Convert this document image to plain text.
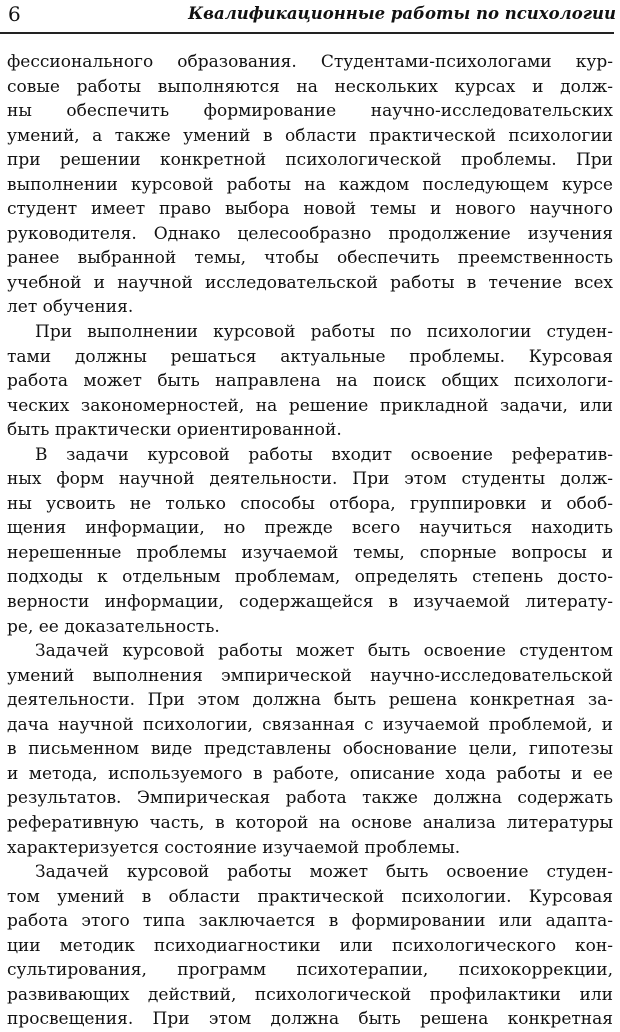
6	Квалификационные работы по психологии
фессионального образования. Студентами-психологами кур-
совые работы выполняются на нескольких курсах и долж-
ны обеспечить формирование научно-исследовательских
умений, а также умений в области практической психологии
при решении конкретной психологической проблемы. При
выполнении курсовой работы на каждом последующем курсе
студент имеет право выбора новой темы и нового научного
руководителя. Однако целесообразно продолжение изучения
ранее выбранной темы, чтобы обеспечить преемственность
учебной и научной исследовательской работы в течение всех
лет обучения.
При выполнении курсовой работы по психологии студен-
тами должны решаться актуальные проблемы. Курсовая
работа может быть направлена на поиск общих психологи-
ческих закономерностей, на решение прикладной задачи, или
быть практически ориентированной.
В задачи курсовой работы входит освоение рефератив-
ных форм научной деятельности. При этом студенты долж-
ны усвоить не только способы отбора, группировки и обоб-
щения информации, но прежде всего научиться находить
нерешенные проблемы изучаемой темы, спорные вопросы и
подходы к отдельным проблемам, определять степень досто-
верности информации, содержащейся в изучаемой литерату-
ре, ее доказательность.
Задачей курсовой работы может быть освоение студентом
умений выполнения эмпирической научно-исследовательской
деятельности. При этом должна быть решена конкретная за-
дача научной психологии, связанная с изучаемой проблемой, и
в письменном виде представлены обоснование цели, гипотезы
и метода, используемого в работе, описание хода работы и ее
результатов. Эмпирическая работа также должна содержать
реферативную часть, в которой на основе анализа литературы
характеризуется состояние изучаемой проблемы.
Задачей курсовой работы может быть освоение студен-
том умений в области практической психологии. Курсовая
работа этого типа заключается в формировании или адапта-
ции методик психодиагностики или психологического кон-
сультирования, программ психотерапии, психокоррекции,
развивающих действий, психологической профилактики или
просвещения. При этом должна быть решена конкретная
